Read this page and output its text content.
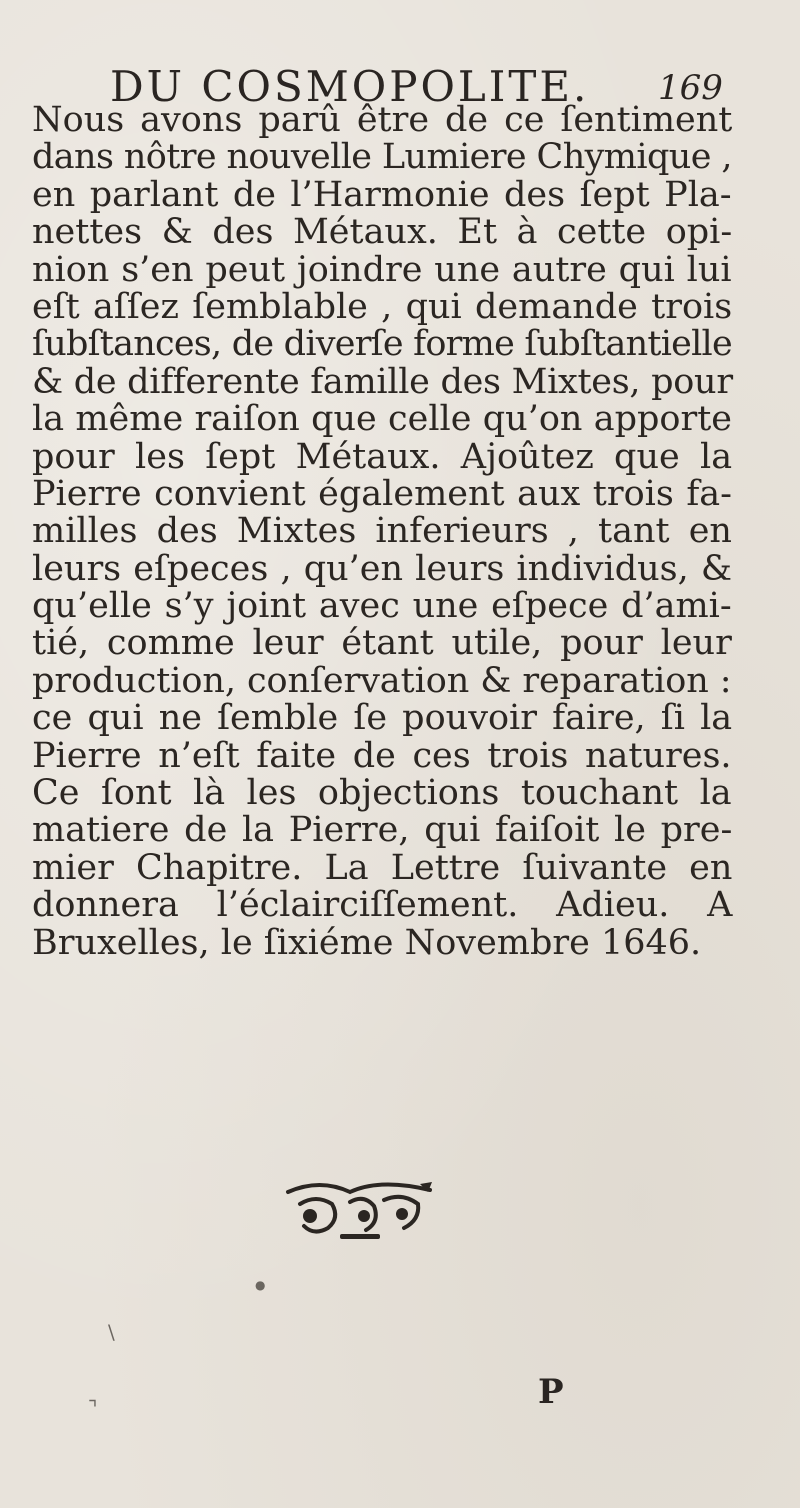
DU COSMOPOLITE. 169
Nous avons parû être de ce ſentiment
dans nôtre nouvelle Lumiere Chymique ,
en parlant de l’Harmonie des ſept Pla-
nettes & des Métaux. Et à cette opi-
nion s’en peut joindre une autre qui lui
eſt aſſez ſemblable , qui demande trois
ſubſtances, de diverſe forme ſubſtantielle
& de differente famille des Mixtes, pour
la même raiſon que celle qu’on apporte
pour les ſept Métaux. Ajoûtez que la
Pierre convient également aux trois fa-
milles des Mixtes inferieurs , tant en
leurs eſpeces , qu’en leurs individus, &
qu’elle s’y joint avec une eſpece d’ami-
tié, comme leur étant utile, pour leur
production, conſervation & reparation :
ce qui ne ſemble ſe pouvoir faire, ſi la
Pierre n’eſt faite de ces trois natures.
Ce ſont là les objections touchant la
matiere de la Pierre, qui faiſoit le pre-
mier Chapitre. La Lettre ſuivante en
donnera l’éclairciſſement. Adieu. A
Bruxelles, le ſixiéme Novembre 1646.
P
\
⌝
●
